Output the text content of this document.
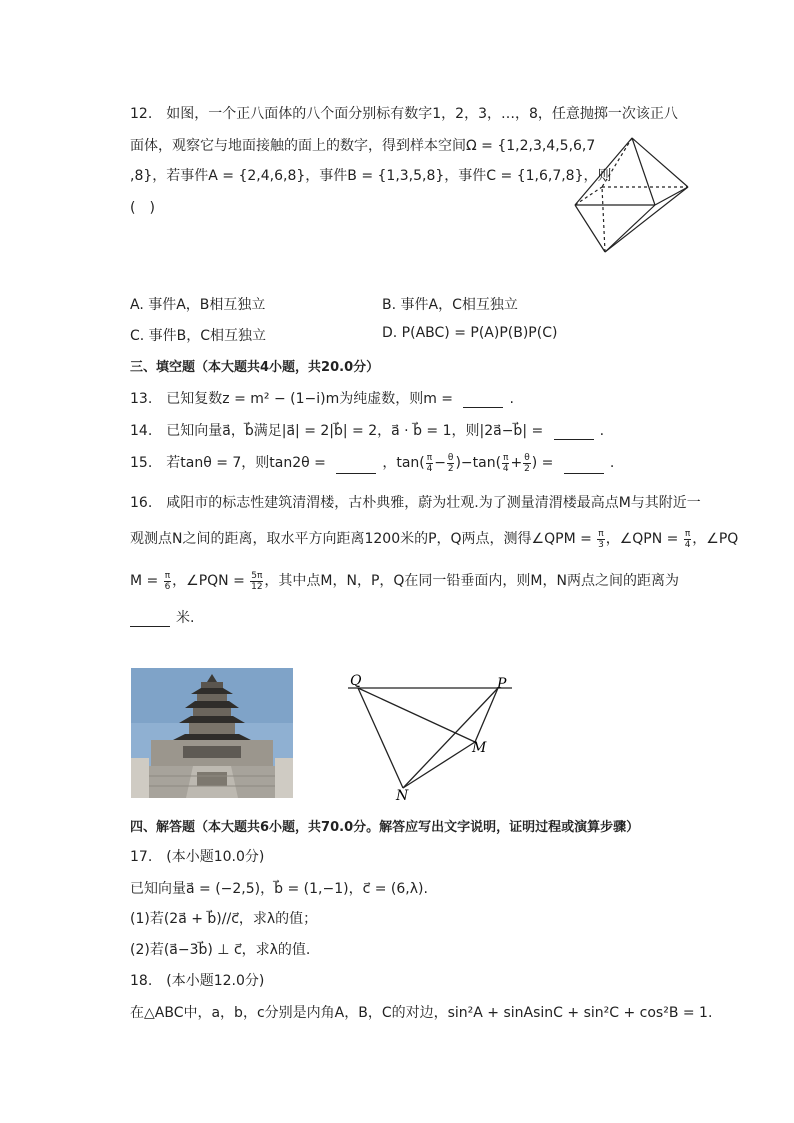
12.　如图，一个正八面体的八个面分别标有数字1，2，3，…，8，任意抛掷一次该正八
面体，观察它与地面接触的面上的数字，得到样本空间Ω = {1,2,3,4,5,6,7
,8}，若事件A = {2,4,6,8}，事件B = {1,3,5,8}，事件C = {1,6,7,8}，则
(　)
A. 事件A，B相互独立	B. 事件A，C相互独立
C. 事件B，C相互独立	D. P(ABC) = P(A)P(B)P(C)
三、填空题（本大题共4小题，共20.0分）
13.　已知复数z = m² − (1−i)m为纯虚数，则m =	.
14.　已知向量a⃗，b⃗满足|a⃗| = 2|b⃗| = 2，a⃗ · b⃗ = 1，则|2a⃗−b⃗| =	.
15.　若tanθ = 7，则tan2θ =	，$\tan( \frac{\pi}{4} - \frac{\theta}{2} )-\tan( \frac{\pi}{4} + \frac{\theta}{2}$ ) =	.
16.　咸阳市的标志性建筑清渭楼，古朴典雅，蔚为壮观.为了测量清渭楼最高点M与其附近一
观测点N之间的距离，取水平方向距离1200米的P，Q两点，测得∠QPM = $\frac{\pi}{3}$ ，∠QPN = $\frac{\pi}{4}$ ，∠PQ
$M = \frac{\pi}{6}$ ，∠PQN = $\frac{5\pi}{12}$ ，其中点M，N，P，Q在同一铅垂面内，则M，N两点之间的距离为
米.
Q	P
M
N
四、解答题（本大题共6小题，共70.0分。解答应写出文字说明，证明过程或演算步骤）
17.　(本小题10.0分)
已知向量a⃗ = (−2,5)，b⃗ = (1,−1)，c⃗ = (6,λ).
(1)若(2a⃗ + b⃗)//c⃗，求λ的值；
(2)若(a⃗−3b⃗) ⊥ c⃗，求λ的值.
18.　(本小题12.0分)
在△ABC中，a，b，c分别是内角A，B，C的对边，sin²A + sinAsinC + sin²C + cos²B = 1.
